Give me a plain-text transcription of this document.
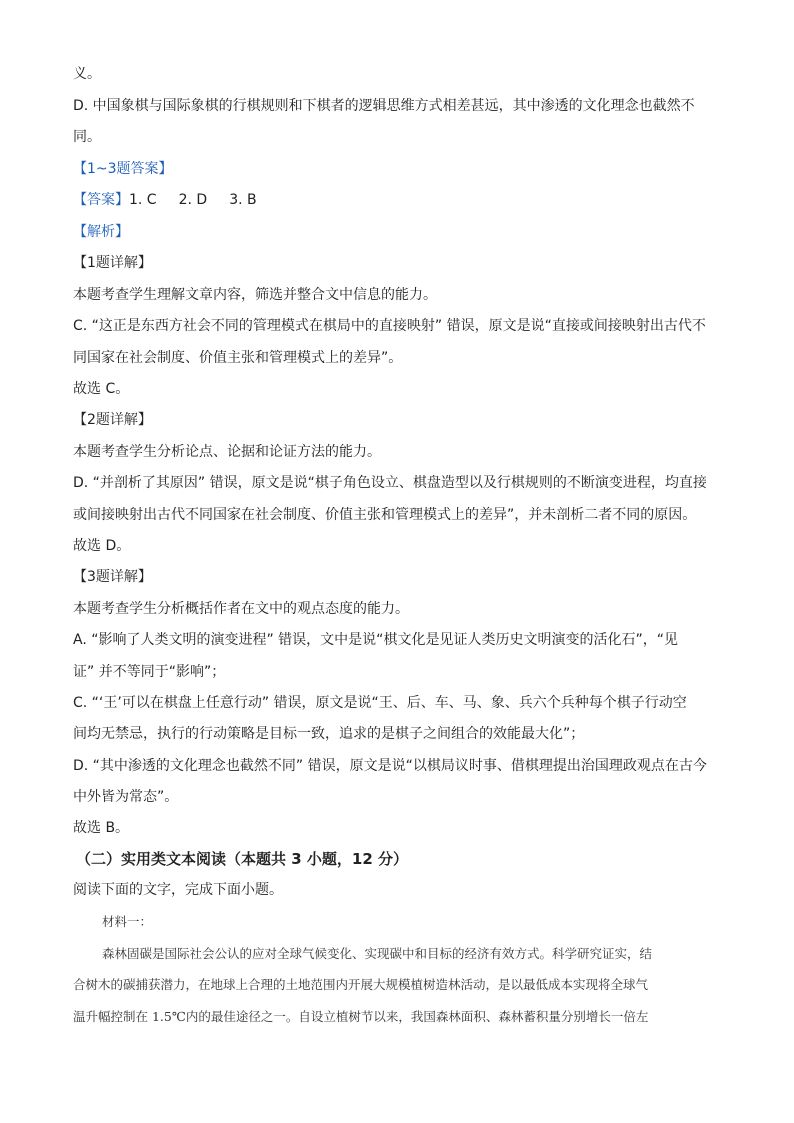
义。

D. 中国象棋与国际象棋的行棋规则和下棋者的逻辑思维方式相差甚远，其中渗透的文化理念也截然不

同。

【1~3题答案】

【答案】1. C 2. D 3. B

【解析】

【1题详解】

本题考查学生理解文章内容，筛选并整合文中信息的能力。

C. “这正是东西方社会不同的管理模式在棋局中的直接映射” 错误，原文是说“直接或间接映射出古代不

同国家在社会制度、价值主张和管理模式上的差异”。

故选 C。

【2题详解】

本题考查学生分析论点、论据和论证方法的能力。

D. “并剖析了其原因” 错误，原文是说“棋子角色设立、棋盘造型以及行棋规则的不断演变进程，均直接

或间接映射出古代不同国家在社会制度、价值主张和管理模式上的差异”，并未剖析二者不同的原因。

故选 D。

【3题详解】

本题考查学生分析概括作者在文中的观点态度的能力。

A. “影响了人类文明的演变进程” 错误，文中是说“棋文化是见证人类历史文明演变的活化石”，“见

证” 并不等同于“影响”；

C. “‘王’可以在棋盘上任意行动” 错误，原文是说“王、后、车、马、象、兵六个兵种每个棋子行动空

间均无禁忌，执行的行动策略是目标一致，追求的是棋子之间组合的效能最大化”；

D. “其中渗透的文化理念也截然不同” 错误，原文是说“以棋局议时事、借棋理提出治国理政观点在古今

中外皆为常态”。

故选 B。

（二）实用类文本阅读（本题共 3 小题，12 分）

阅读下面的文字，完成下面小题。

材料一：

森林固碳是国际社会公认的应对全球气候变化、实现碳中和目标的经济有效方式。科学研究证实，结

合树木的碳捕获潜力，在地球上合理的土地范围内开展大规模植树造林活动，是以最低成本实现将全球气

温升幅控制在 1.5℃内的最佳途径之一。自设立植树节以来，我国森林面积、森林蓄积量分别增长一倍左
